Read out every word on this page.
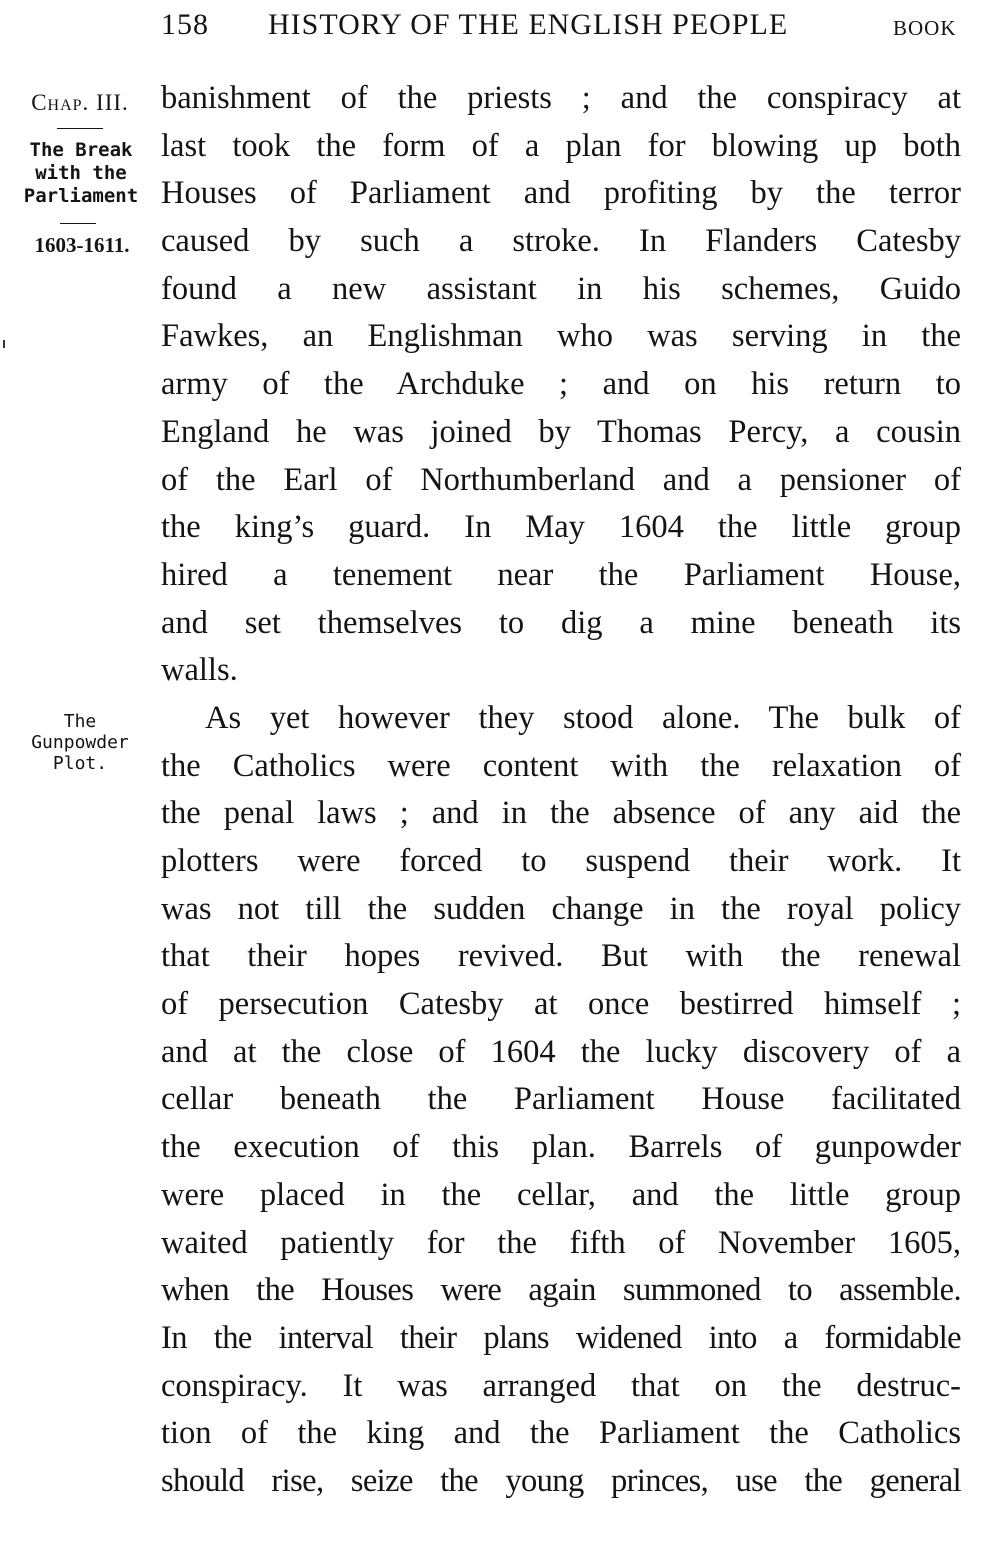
158 HISTORY OF THE ENGLISH PEOPLE	BOOK
Chap. III.
The Break
with the
Parliament
1603-1611.
The
Gunpowder
Plot.
banishment of the priests ; and the conspiracy at
last took the form of a plan for blowing up both
Houses of Parliament and profiting by the terror
caused by such a stroke. In Flanders Catesby
found a new assistant in his schemes, Guido
Fawkes, an Englishman who was serving in the
army of the Archduke ; and on his return to
England he was joined by Thomas Percy, a cousin
of the Earl of Northumberland and a pensioner of
the king’s guard. In May 1604 the little group
hired a tenement near the Parliament House,
and set themselves to dig a mine beneath its
walls.
As yet however they stood alone. The bulk of
the Catholics were content with the relaxation of
the penal laws ; and in the absence of any aid the
plotters were forced to suspend their work. It
was not till the sudden change in the royal policy
that their hopes revived. But with the renewal
of persecution Catesby at once bestirred himself ;
and at the close of 1604 the lucky discovery of a
cellar beneath the Parliament House facilitated
the execution of this plan. Barrels of gunpowder
were placed in the cellar, and the little group
waited patiently for the fifth of November 1605,
when the Houses were again summoned to assemble.
In the interval their plans widened into a formidable
conspiracy. It was arranged that on the destruc-
tion of the king and the Parliament the Catholics
should rise, seize the young princes, use the general
